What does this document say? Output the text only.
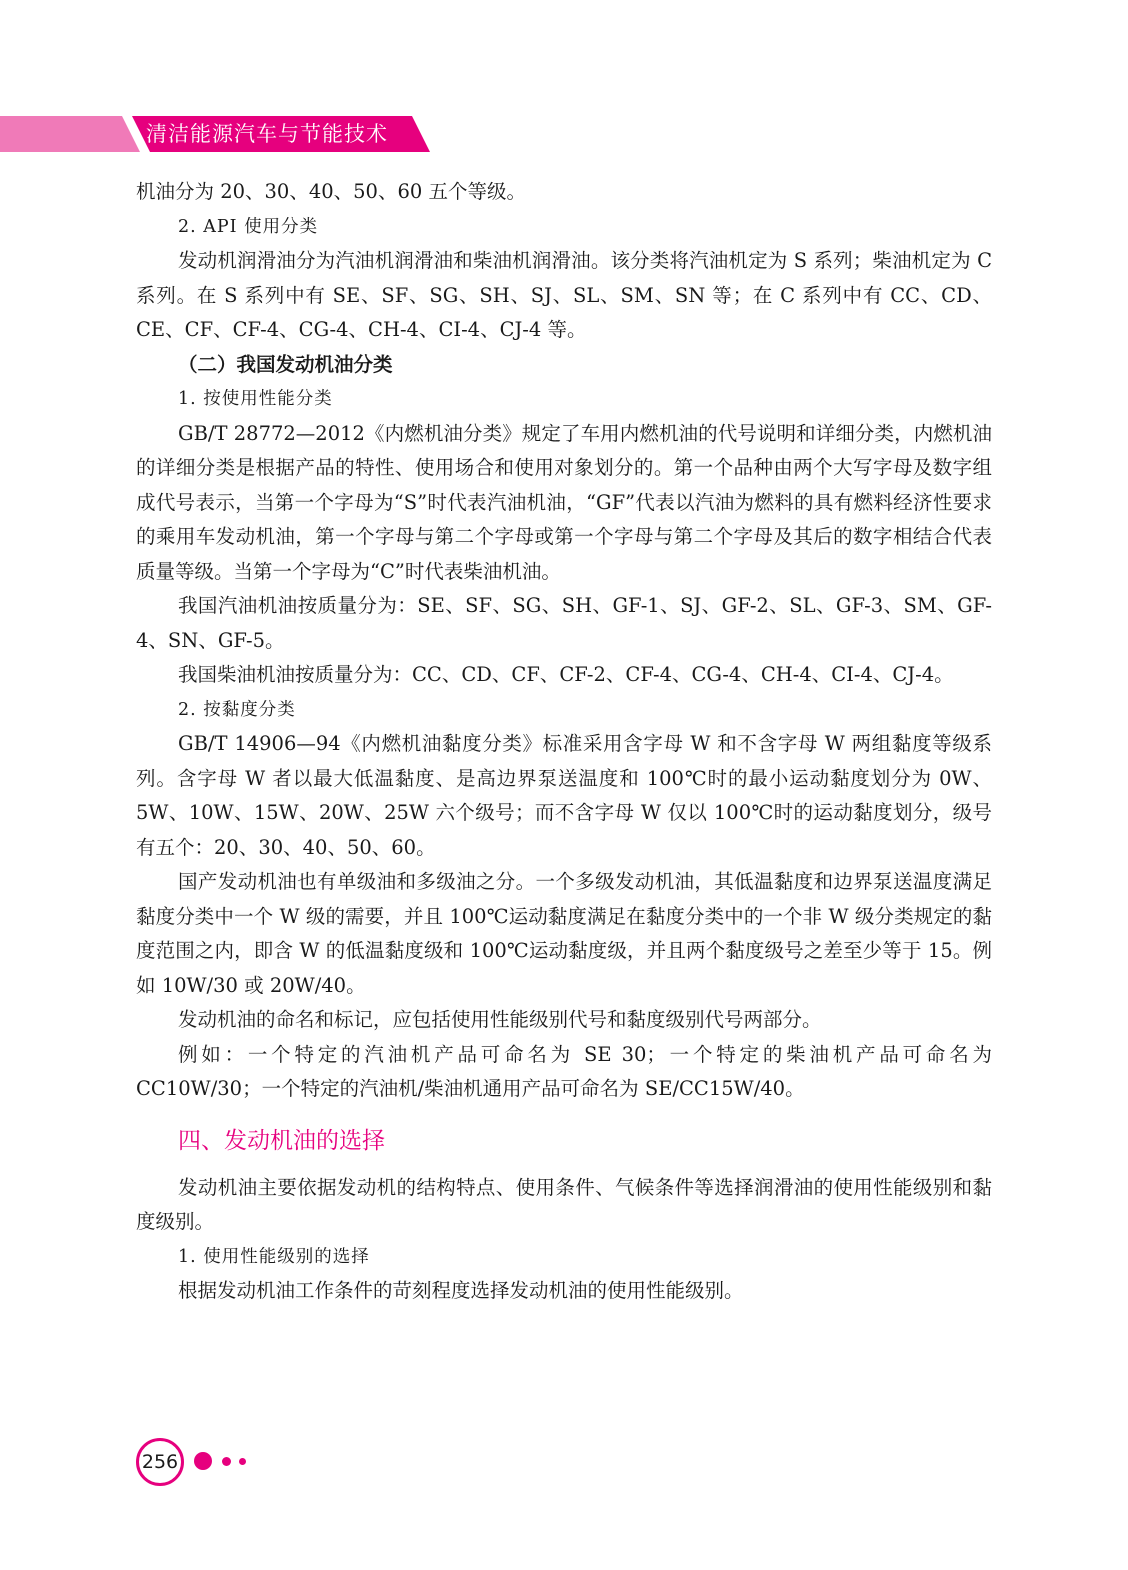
清洁能源汽车与节能技术

机油分为 20、30、40、50、60 五个等级。

2. API 使用分类

发动机润滑油分为汽油机润滑油和柴油机润滑油。该分类将汽油机定为 S 系列；柴油机定为 C 系列。在 S 系列中有 SE、SF、SG、SH、SJ、SL、SM、SN 等；在 C 系列中有 CC、CD、CE、CF、CF-4、CG-4、CH-4、CI-4、CJ-4 等。

（二）我国发动机油分类

1. 按使用性能分类

GB/T 28772—2012《内燃机油分类》规定了车用内燃机油的代号说明和详细分类，内燃机油的详细分类是根据产品的特性、使用场合和使用对象划分的。第一个品种由两个大写字母及数字组成代号表示，当第一个字母为“S”时代表汽油机油，“GF”代表以汽油为燃料的具有燃料经济性要求的乘用车发动机油，第一个字母与第二个字母或第一个字母与第二个字母及其后的数字相结合代表质量等级。当第一个字母为“C”时代表柴油机油。

我国汽油机油按质量分为：SE、SF、SG、SH、GF-1、SJ、GF-2、SL、GF-3、SM、GF-4、SN、GF-5。

我国柴油机油按质量分为：CC、CD、CF、CF-2、CF-4、CG-4、CH-4、CI-4、CJ-4。

2. 按黏度分类

GB/T 14906—94《内燃机油黏度分类》标准采用含字母 W 和不含字母 W 两组黏度等级系列。含字母 W 者以最大低温黏度、是高边界泵送温度和 100℃时的最小运动黏度划分为 0W、5W、10W、15W、20W、25W 六个级号；而不含字母 W 仅以 100℃时的运动黏度划分，级号有五个：20、30、40、50、60。

国产发动机油也有单级油和多级油之分。一个多级发动机油，其低温黏度和边界泵送温度满足黏度分类中一个 W 级的需要，并且 100℃运动黏度满足在黏度分类中的一个非 W 级分类规定的黏度范围之内，即含 W 的低温黏度级和 100℃运动黏度级，并且两个黏度级号之差至少等于 15。例如 10W/30 或 20W/40。

发动机油的命名和标记，应包括使用性能级别代号和黏度级别代号两部分。

例如：一个特定的汽油机产品可命名为 SE 30；一个特定的柴油机产品可命名为 CC10W/30；一个特定的汽油机/柴油机通用产品可命名为 SE/CC15W/40。

四、发动机油的选择

发动机油主要依据发动机的结构特点、使用条件、气候条件等选择润滑油的使用性能级别和黏度级别。

1. 使用性能级别的选择

根据发动机油工作条件的苛刻程度选择发动机油的使用性能级别。

256
